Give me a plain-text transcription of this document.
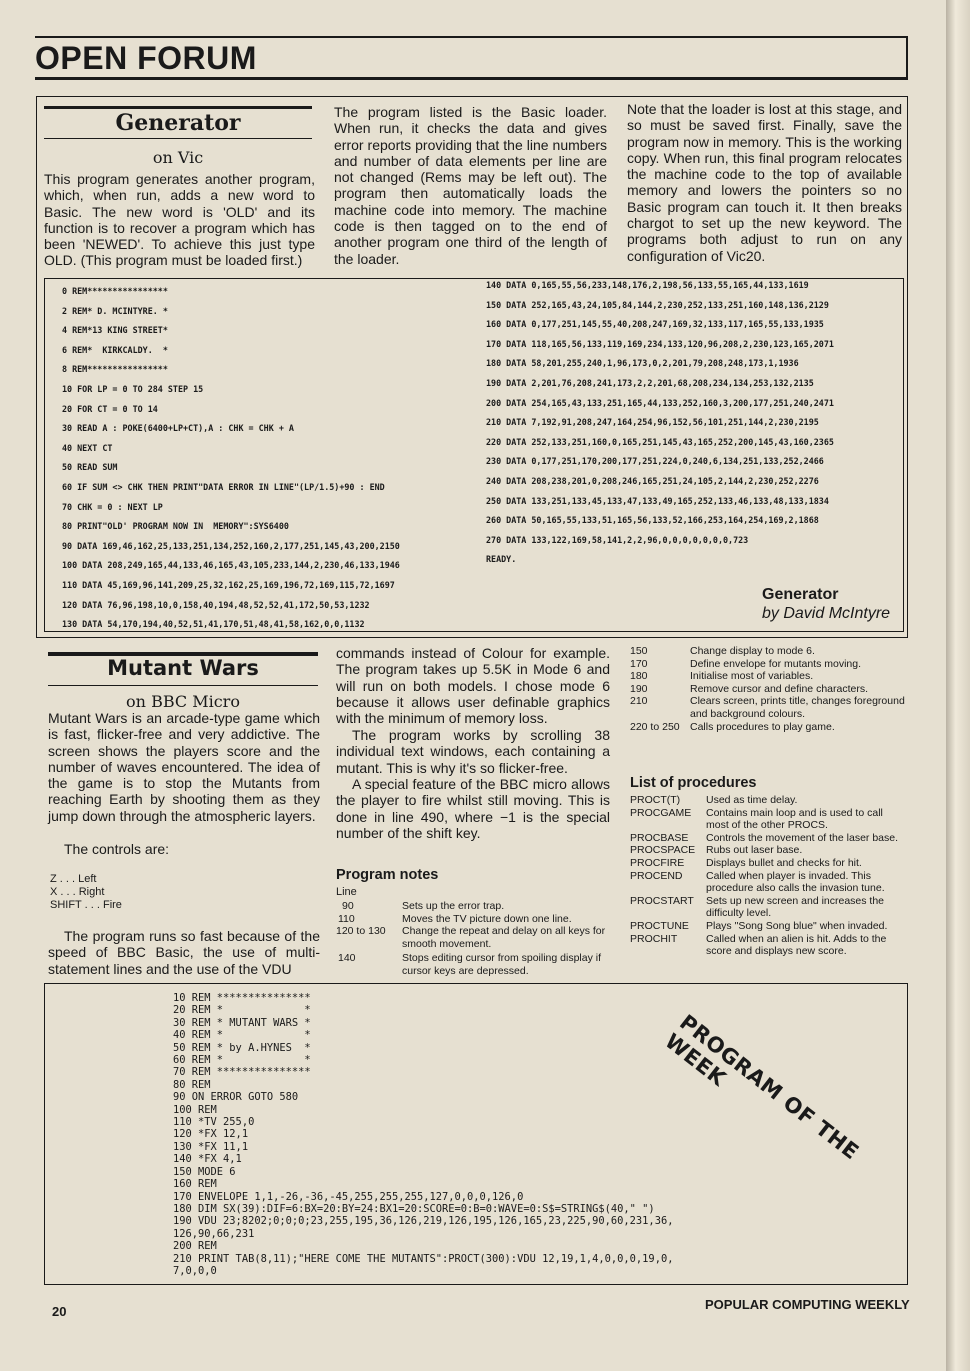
OPEN FORUM
Generator
on Vic
This program generates another program, which, when run, adds a new word to Basic. The new word is 'OLD' and its function is to recover a program which has been 'NEWED'. To achieve this just type OLD. (This program must be loaded first.)
The program listed is the Basic loader. When run, it checks the data and gives error reports providing that the line numbers and number of data elements per line are not changed (Rems may be left out). The program then automatically loads the machine code into memory. The machine code is then tagged on to the end of another program one third of the length of the loader.
Note that the loader is lost at this stage, and so must be saved first. Finally, save the program now in memory. This is the working copy. When run, this final program relocates the machine code to the top of available memory and lowers the pointers so no Basic program can touch it. It then breaks chargot to set up the new keyword. The programs both adjust to run on any configuration of Vic20.
0 REM****************
2 REM* D. MCINTYRE. *
4 REM*13 KING STREET*
6 REM*  KIRKCALDY.  *
8 REM****************
10 FOR LP = 0 TO 284 STEP 15
20 FOR CT = 0 TO 14
30 READ A : POKE(6400+LP+CT),A : CHK = CHK + A
40 NEXT CT
50 READ SUM
60 IF SUM <> CHK THEN PRINT"DATA ERROR IN LINE"(LP/1.5)+90 : END
70 CHK = 0 : NEXT LP
80 PRINT"OLD' PROGRAM NOW IN  MEMORY":SYS6400
90 DATA 169,46,162,25,133,251,134,252,160,2,177,251,145,43,200,2150
100 DATA 208,249,165,44,133,46,165,43,105,233,144,2,230,46,133,1946
110 DATA 45,169,96,141,209,25,32,162,25,169,196,72,169,115,72,1697
120 DATA 76,96,198,10,0,158,40,194,48,52,52,41,172,50,53,1232
130 DATA 54,170,194,40,52,51,41,170,51,48,41,58,162,0,0,1132
140 DATA 0,165,55,56,233,148,176,2,198,56,133,55,165,44,133,1619
150 DATA 252,165,43,24,105,84,144,2,230,252,133,251,160,148,136,2129
160 DATA 0,177,251,145,55,40,208,247,169,32,133,117,165,55,133,1935
170 DATA 118,165,56,133,119,169,234,133,120,96,208,2,230,123,165,2071
180 DATA 58,201,255,240,1,96,173,0,2,201,79,208,248,173,1,1936
190 DATA 2,201,76,208,241,173,2,2,201,68,208,234,134,253,132,2135
200 DATA 254,165,43,133,251,165,44,133,252,160,3,200,177,251,240,2471
210 DATA 7,192,91,208,247,164,254,96,152,56,101,251,144,2,230,2195
220 DATA 252,133,251,160,0,165,251,145,43,165,252,200,145,43,160,2365
230 DATA 0,177,251,170,200,177,251,224,0,240,6,134,251,133,252,2466
240 DATA 208,238,201,0,208,246,165,251,24,105,2,144,2,230,252,2276
250 DATA 133,251,133,45,133,47,133,49,165,252,133,46,133,48,133,1834
260 DATA 50,165,55,133,51,165,56,133,52,166,253,164,254,169,2,1868
270 DATA 133,122,169,58,141,2,2,96,0,0,0,0,0,0,0,723
READY.
Generator
by David McIntyre
Mutant Wars
on BBC Micro
Mutant Wars is an arcade-type game which is fast, flicker-free and very addictive. The screen shows the players score and the number of waves encountered. The idea of the game is to stop the Mutants from reaching Earth by shooting them as they jump down through the atmospheric layers.
The controls are:
Z . . . Left
X . . . Right
SHIFT . . . Fire
The program runs so fast because of the speed of BBC Basic, the use of multi-statement lines and the use of the VDU
commands instead of Colour for example. The program takes up 5.5K in Mode 6 and will run on both models. I chose mode 6 because it allows user definable graphics with the minimum of memory loss.
The program works by scrolling 38 individual text windows, each containing a mutant. This is why it's so flicker-free.
A special feature of the BBC micro allows the player to fire whilst still moving. This is done in line 490, where −1 is the special number of the shift key.
Program notes
Line
90	Sets up the error trap.
110	Moves the TV picture down one line.
120 to 130	Change the repeat and delay on all keys for smooth movement.
140	Stops editing cursor from spoiling display if cursor keys are depressed.
150	Change display to mode 6.
170	Define envelope for mutants moving.
180	Initialise most of variables.
190	Remove cursor and define characters.
210	Clears screen, prints title, changes foreground and background colours.
220 to 250	Calls procedures to play game.
List of procedures
PROCT(T)	Used as time delay.
PROCGAME	Contains main loop and is used to call most of the other PROCS.
PROCBASE	Controls the movement of the laser base.
PROCSPACE	Rubs out laser base.
PROCFIRE	Displays bullet and checks for hit.
PROCEND	Called when player is invaded. This procedure also calls the invasion tune.
PROCSTART	Sets up new screen and increases the difficulty level.
PROCTUNE	Plays "Song Song blue" when invaded.
PROCHIT	Called when an alien is hit. Adds to the score and displays new score.
10 REM ***************
20 REM *             *
30 REM * MUTANT WARS *
40 REM *             *
50 REM * by A.HYNES  *
60 REM *             *
70 REM ***************
80 REM
90 ON ERROR GOTO 580
100 REM
110 *TV 255,0
120 *FX 12,1
130 *FX 11,1
140 *FX 4,1
150 MODE 6
160 REM
170 ENVELOPE 1,1,-26,-36,-45,255,255,255,127,0,0,0,126,0
180 DIM SX(39):DIF=6:BX=20:BY=24:BX1=20:SCORE=0:B=0:WAVE=0:S$=STRING$(40," ")
190 VDU 23;8202;0;0;0;23,255,195,36,126,219,126,195,126,165,23,225,90,60,231,36,
126,90,66,231
200 REM
210 PRINT TAB(8,11);"HERE COME THE MUTANTS":PROCT(300):VDU 12,19,1,4,0,0,0,19,0,
7,0,0,0
PROGRAM OF THE WEEK
20	POPULAR COMPUTING WEEKLY
